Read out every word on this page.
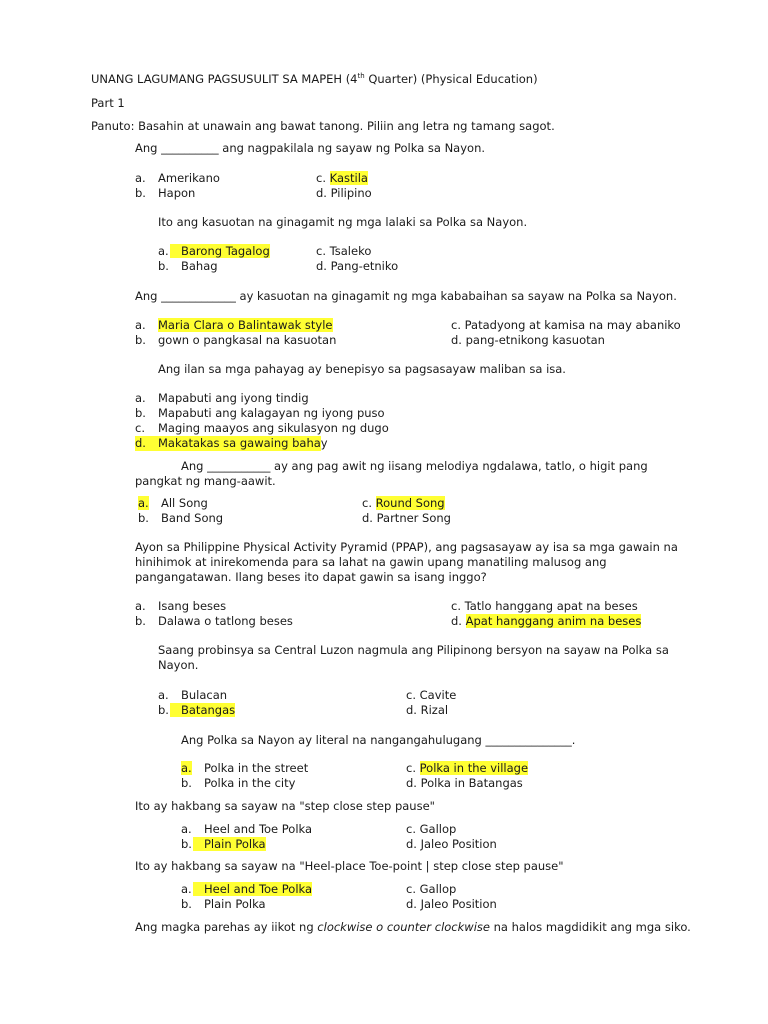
UNANG LAGUMANG PAGSUSULIT SA MAPEH (4th Quarter) (Physical Education)
Part 1
Panuto: Basahin at unawain ang bawat tanong. Piliin ang letra ng tamang sagot.
Ang __________ ang nagpakilala ng sayaw ng Polka sa Nayon.
a. Amerikano
b. Hapon
c. Kastila
d. Pilipino
Ito ang kasuotan na ginagamit ng mga lalaki sa Polka sa Nayon.
a.	Barong Tagalog
b. Bahag
c. Tsaleko
d. Pang-etniko
Ang _____________ ay kasuotan na ginagamit ng mga kababaihan sa sayaw na Polka sa Nayon.
a. Maria Clara o Balintawak style
b. gown o pangkasal na kasuotan
c. Patadyong at kamisa na may abaniko
d. pang-etnikong kasuotan
Ang ilan sa mga pahayag ay benepisyo sa pagsasayaw maliban sa isa.
a. Mapabuti ang iyong tindig
b. Mapabuti ang kalagayan ng iyong puso
c. Maging maayos ang sikulasyon ng dugo
d. Makatakas sa gawaing bahay
Ang ___________ ay ang pag awit ng iisang melodiya ngdalawa, tatlo, o higit pang
pangkat ng mang-aawit.
a. All Song
b. Band Song
c. Round Song
d. Partner Song
Ayon sa Philippine Physical Activity Pyramid (PPAP), ang pagsasayaw ay isa sa mga gawain na
hinihimok at inirekomenda para sa lahat na gawin upang manatiling malusog ang
pangangatawan. Ilang beses ito dapat gawin sa isang inggo?
a. Isang beses
b. Dalawa o tatlong beses
c. Tatlo hanggang apat na beses
d. Apat hanggang anim na beses
Saang probinsya sa Central Luzon nagmula ang Pilipinong bersyon na sayaw na Polka sa
Nayon.
a. Bulacan
b.	Batangas
c. Cavite
d. Rizal
Ang Polka sa Nayon ay literal na nangangahulugang _______________.
a. Polka in the street
b. Polka in the city
c. Polka in the village
d. Polka in Batangas
Ito ay hakbang sa sayaw na "step close step pause"
a. Heel and Toe Polka
b.	Plain Polka
c. Gallop
d. Jaleo Position
Ito ay hakbang sa sayaw na "Heel-place Toe-point | step close step pause"
a.	Heel and Toe Polka
b. Plain Polka
c. Gallop
d. Jaleo Position
Ang magka parehas ay iikot ng clockwise o counter clockwise na halos magdidikit ang mga siko.
